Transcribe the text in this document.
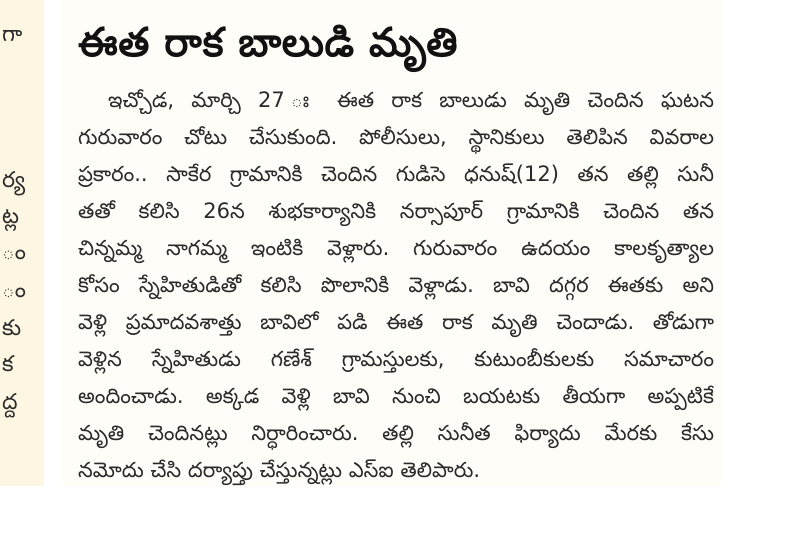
గా
ర్య
ట్ల
ం
ం
కు
క
ద్ద
ఈత రాక బాలుడి మృతి
ఇచ్చోడ, మార్చి 27 ః ఈత రాక బాలుడు మృతి చెందిన ఘటన
గురువారం చోటు చేసుకుంది. పోలీసులు, స్థానికులు తెలిపిన వివరాల
ప్రకారం.. సాకేర గ్రామానికి చెందిన గుడిసె ధనుష్(12) తన తల్లి సునీ
తతో కలిసి 26న శుభకార్యానికి నర్సాపూర్ గ్రామానికి చెందిన తన
చిన్నమ్మ నాగమ్మ ఇంటికి వెళ్లారు. గురువారం ఉదయం కాలకృత్యాల
కోసం స్నేహితుడితో కలిసి పొలానికి వెళ్లాడు. బావి దగ్గర ఈతకు అని
వెళ్లి ప్రమాదవశాత్తు బావిలో పడి ఈత రాక మృతి చెందాడు. తోడుగా
వెళ్లిన స్నేహితుడు గణేశ్ గ్రామస్తులకు, కుటుంబీకులకు సమాచారం
అందించాడు. అక్కడ వెళ్లి బావి నుంచి బయటకు తీయగా అప్పటికే
మృతి చెందినట్లు నిర్ధారించారు. తల్లి సునీత ఫిర్యాదు మేరకు కేసు
నమోదు చేసి దర్యాప్తు చేస్తున్నట్లు ఎస్ఐ తెలిపారు.
